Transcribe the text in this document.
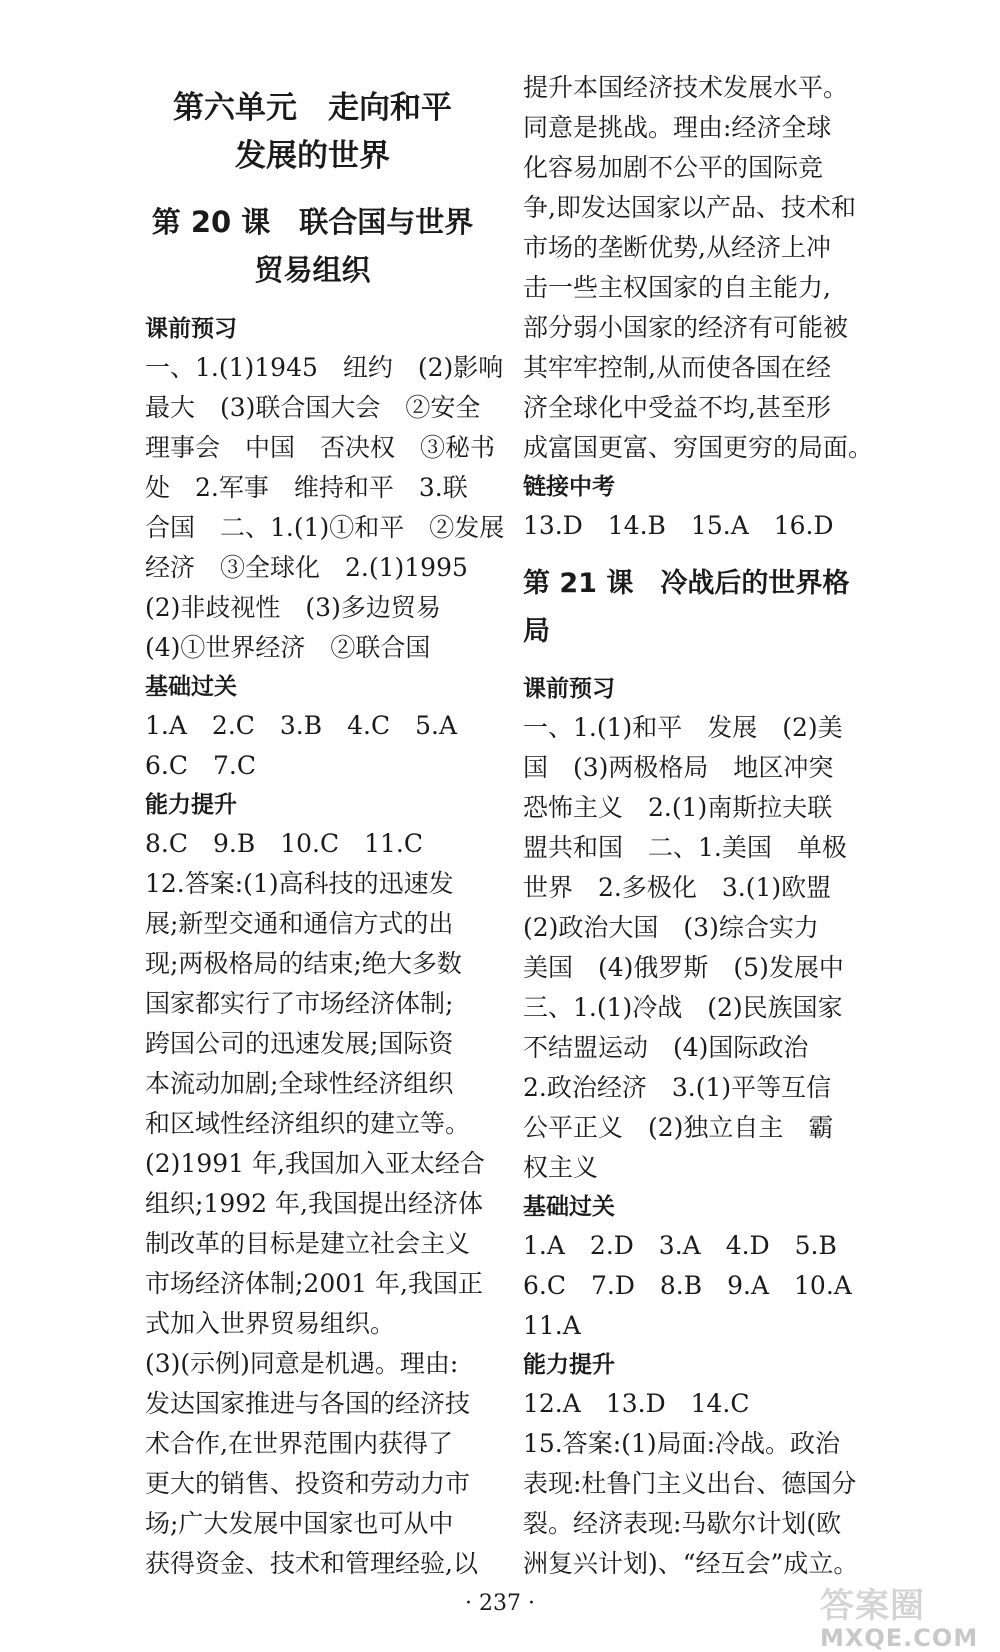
第六单元　走向和平
发展的世界
第 20 课　联合国与世界
贸易组织
课前预习
一、1.(1)1945　纽约　(2)影响
最大　(3)联合国大会　②安全
理事会　中国　否决权　③秘书
处　2.军事　维持和平　3.联
合国　二、1.(1)①和平　②发展
经济　③全球化　2.(1)1995
(2)非歧视性　(3)多边贸易
(4)①世界经济　②联合国
基础过关
1.A　2.C　3.B　4.C　5.A
6.C　7.C
能力提升
8.C　9.B　10.C　11.C
12.答案:(1)高科技的迅速发
展;新型交通和通信方式的出
现;两极格局的结束;绝大多数
国家都实行了市场经济体制;
跨国公司的迅速发展;国际资
本流动加剧;全球性经济组织
和区域性经济组织的建立等。
(2)1991 年,我国加入亚太经合
组织;1992 年,我国提出经济体
制改革的目标是建立社会主义
市场经济体制;2001 年,我国正
式加入世界贸易组织。
(3)(示例)同意是机遇。理由:
发达国家推进与各国的经济技
术合作,在世界范围内获得了
更大的销售、投资和劳动力市
场;广大发展中国家也可从中
获得资金、技术和管理经验,以
提升本国经济技术发展水平。
同意是挑战。理由:经济全球
化容易加剧不公平的国际竞
争,即发达国家以产品、技术和
市场的垄断优势,从经济上冲
击一些主权国家的自主能力,
部分弱小国家的经济有可能被
其牢牢控制,从而使各国在经
济全球化中受益不均,甚至形
成富国更富、穷国更穷的局面。
链接中考
13.D　14.B　15.A　16.D
第 21 课　冷战后的世界格局
课前预习
一、1.(1)和平　发展　(2)美
国　(3)两极格局　地区冲突
恐怖主义　2.(1)南斯拉夫联
盟共和国　二、1.美国　单极
世界　2.多极化　3.(1)欧盟
(2)政治大国　(3)综合实力
美国　(4)俄罗斯　(5)发展中
三、1.(1)冷战　(2)民族国家
不结盟运动　(4)国际政治
2.政治经济　3.(1)平等互信
公平正义　(2)独立自主　霸
权主义
基础过关
1.A　2.D　3.A　4.D　5.B
6.C　7.D　8.B　9.A　10.A
11.A
能力提升
12.A　13.D　14.C
15.答案:(1)局面:冷战。政治
表现:杜鲁门主义出台、德国分
裂。经济表现:马歇尔计划(欧
洲复兴计划)、“经互会”成立。
· 237 ·	答案圈
MXQE.COM
